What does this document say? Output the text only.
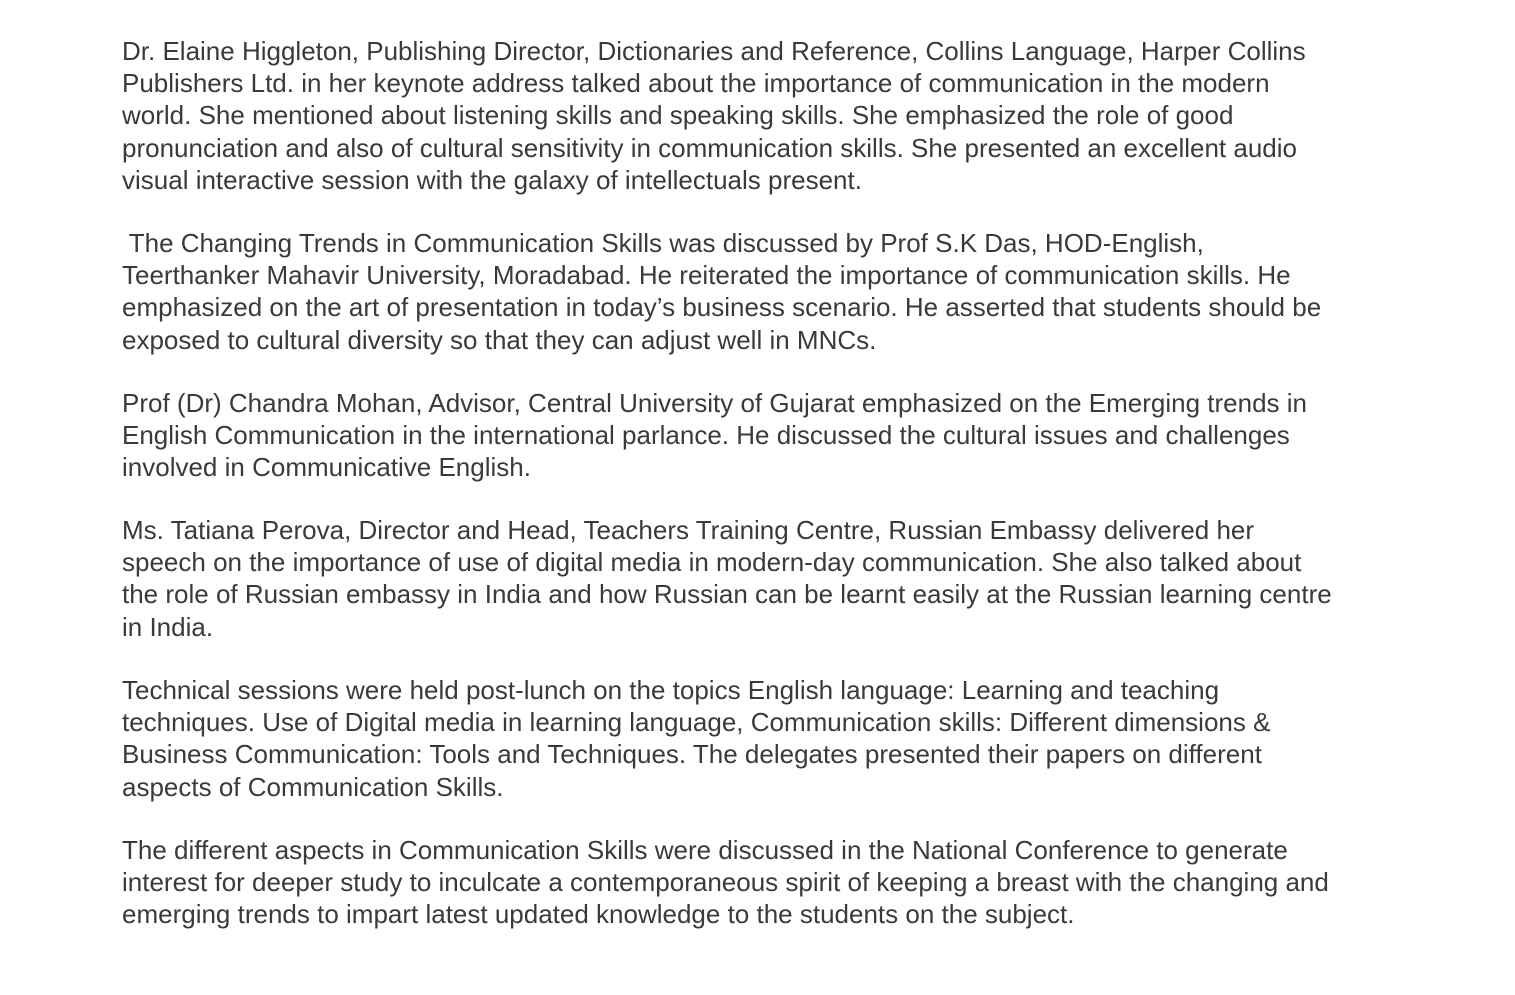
Dr. Elaine Higgleton, Publishing Director, Dictionaries and Reference, Collins Language, Harper Collins
Publishers Ltd. in her keynote address talked about the importance of communication in the modern
world. She mentioned about listening skills and speaking skills. She emphasized the role of good
pronunciation and also of cultural sensitivity in communication skills. She presented an excellent audio
visual interactive session with the galaxy of intellectuals present.

The Changing Trends in Communication Skills was discussed by Prof S.K Das, HOD-English,
Teerthanker Mahavir University, Moradabad. He reiterated the importance of communication skills. He
emphasized on the art of presentation in today’s business scenario. He asserted that students should be
exposed to cultural diversity so that they can adjust well in MNCs.

Prof (Dr) Chandra Mohan, Advisor, Central University of Gujarat emphasized on the Emerging trends in
English Communication in the international parlance. He discussed the cultural issues and challenges
involved in Communicative English.

Ms. Tatiana Perova, Director and Head, Teachers Training Centre, Russian Embassy delivered her
speech on the importance of use of digital media in modern-day communication. She also talked about
the role of Russian embassy in India and how Russian can be learnt easily at the Russian learning centre
in India.

Technical sessions were held post-lunch on the topics English language: Learning and teaching
techniques. Use of Digital media in learning language, Communication skills: Different dimensions &
Business Communication: Tools and Techniques. The delegates presented their papers on different
aspects of Communication Skills.

The different aspects in Communication Skills were discussed in the National Conference to generate
interest for deeper study to inculcate a contemporaneous spirit of keeping a breast with the changing and
emerging trends to impart latest updated knowledge to the students on the subject.
